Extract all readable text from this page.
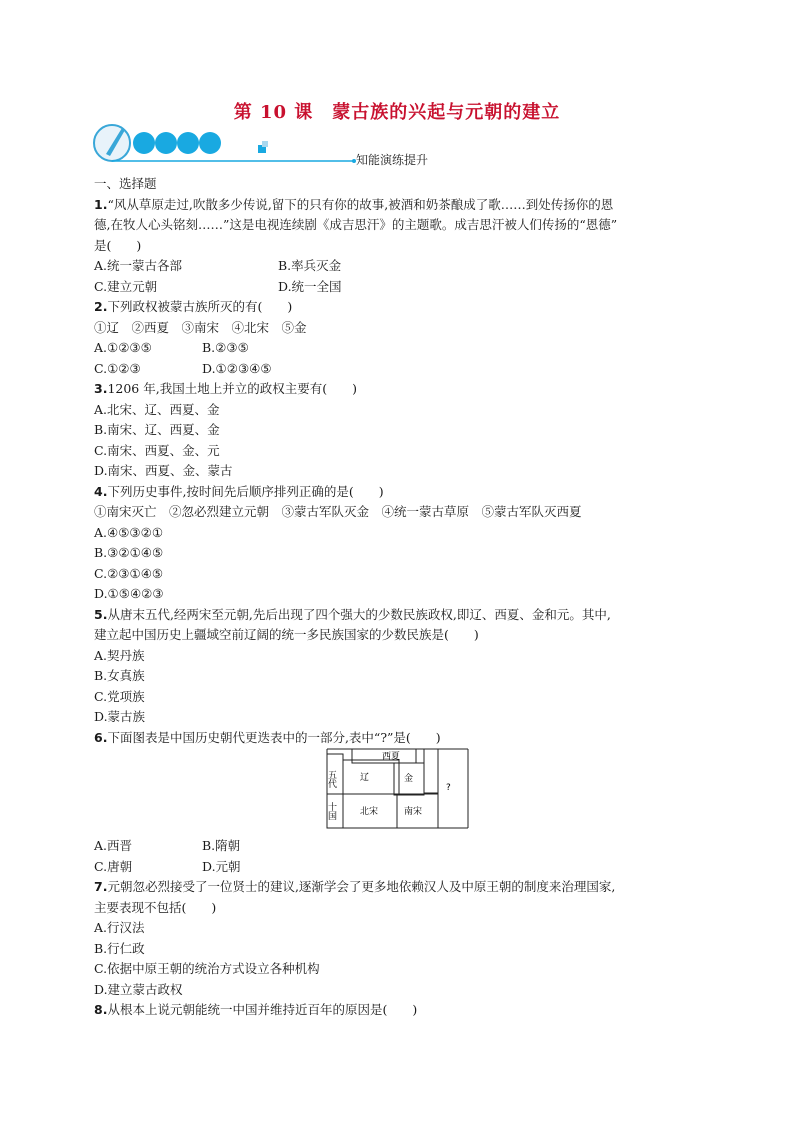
第 10 课　蒙古族的兴起与元朝的建立
知能演练提升

一、选择题

1.“风从草原走过,吹散多少传说,留下的只有你的故事,被酒和奶茶酿成了歌……到处传扬你的恩

德,在牧人心头铭刻……”这是电视连续剧《成吉思汗》的主题歌。成吉思汗被人们传扬的“恩德”

是(　　)

A.统一蒙古各部	B.率兵灭金
C.建立元朝	D.统一全国

2.下列政权被蒙古族所灭的有(　　)

①辽　②西夏　③南宋　④北宋　⑤金

A.①②③⑤	B.②③⑤
C.①②③	D.①②③④⑤

3.1206 年,我国土地上并立的政权主要有(　　)

A.北宋、辽、西夏、金

B.南宋、辽、西夏、金

C.南宋、西夏、金、元

D.南宋、西夏、金、蒙古

4.下列历史事件,按时间先后顺序排列正确的是(　　)

①南宋灭亡　②忽必烈建立元朝　③蒙古军队灭金　④统一蒙古草原　⑤蒙古军队灭西夏

A.④⑤③②①

B.③②①④⑤

C.②③①④⑤

D.①⑤④②③

5.从唐末五代,经两宋至元朝,先后出现了四个强大的少数民族政权,即辽、西夏、金和元。其中,

建立起中国历史上疆域空前辽阔的统一多民族国家的少数民族是(　　)

A.契丹族

B.女真族

C.党项族

D.蒙古族

6.下面图表是中国历史朝代更迭表中的一部分,表中“?”是(　　)

五代
十国
辽
西夏
金
北宋	南宋
?
A.西晋	B.隋朝
C.唐朝	D.元朝

7.元朝忽必烈接受了一位贤士的建议,逐渐学会了更多地依赖汉人及中原王朝的制度来治理国家,

主要表现不包括(　　)

A.行汉法

B.行仁政

C.依据中原王朝的统治方式设立各种机构

D.建立蒙古政权

8.从根本上说元朝能统一中国并维持近百年的原因是(　　)
